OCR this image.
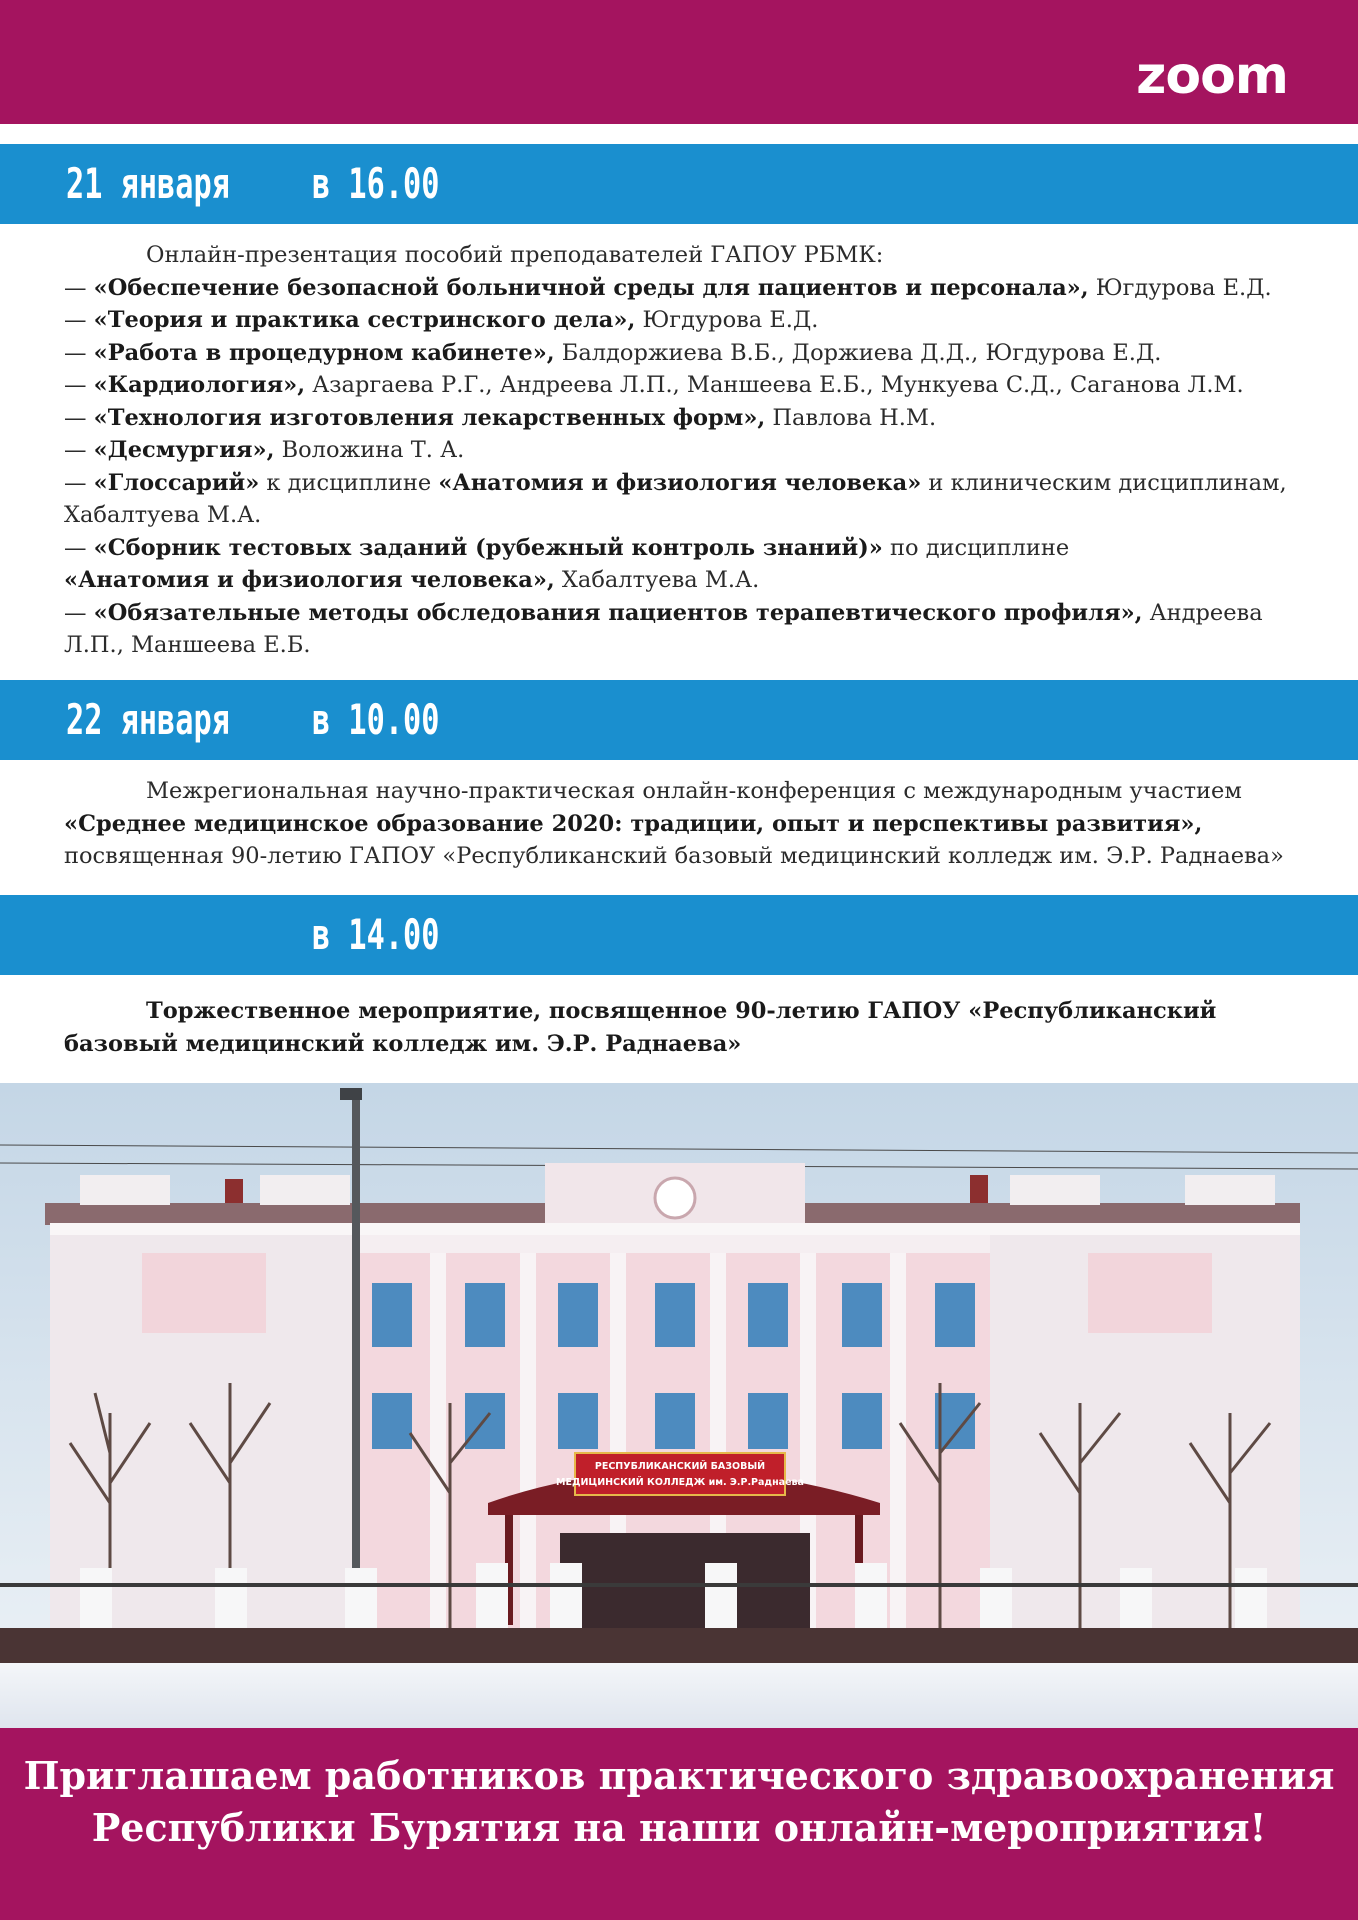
zoom
21 января в 16.00

Онлайн-презентация пособий преподавателей ГАПОУ РБМК:

— «Обеспечение безопасной больничной среды для пациентов и персонала», Югдурова Е.Д.

— «Теория и практика сестринского дела», Югдурова Е.Д.

— «Работа в процедурном кабинете», Балдоржиева В.Б., Доржиева Д.Д., Югдурова Е.Д.

— «Кардиология», Азаргаева Р.Г., Андреева Л.П., Маншеева Е.Б., Мункуева С.Д., Саганова Л.М.

— «Технология изготовления лекарственных форм», Павлова Н.М.

— «Десмургия», Воложина Т. А.

— «Глоссарий» к дисциплине «Анатомия и физиология человека» и клиническим дисциплинам, Хабалтуева М.А.

— «Сборник тестовых заданий (рубежный контроль знаний)» по дисциплине «Анатомия и физиология человека», Хабалтуева М.А.

— «Обязательные методы обследования пациентов терапевтического профиля», Андреева Л.П., Маншеева Е.Б.

22 января в 10.00

Межрегиональная научно-практическая онлайн-конференция с международным участием «Среднее медицинское образование 2020: традиции, опыт и перспективы развития», посвященная 90-летию ГАПОУ «Республиканский базовый медицинский колледж им. Э.Р. Раднаева»

в 14.00

Торжественное мероприятие, посвященное 90-летию ГАПОУ «Республиканский базовый медицинский колледж им. Э.Р. Раднаева»

РЕСПУБЛИКАНСКИЙ БАЗОВЫЙ
МЕДИЦИНСКИЙ КОЛЛЕДЖ им. Э.Р.Раднаева
Приглашаем работников практического здравоохранения
Республики Бурятия на наши онлайн-мероприятия!
